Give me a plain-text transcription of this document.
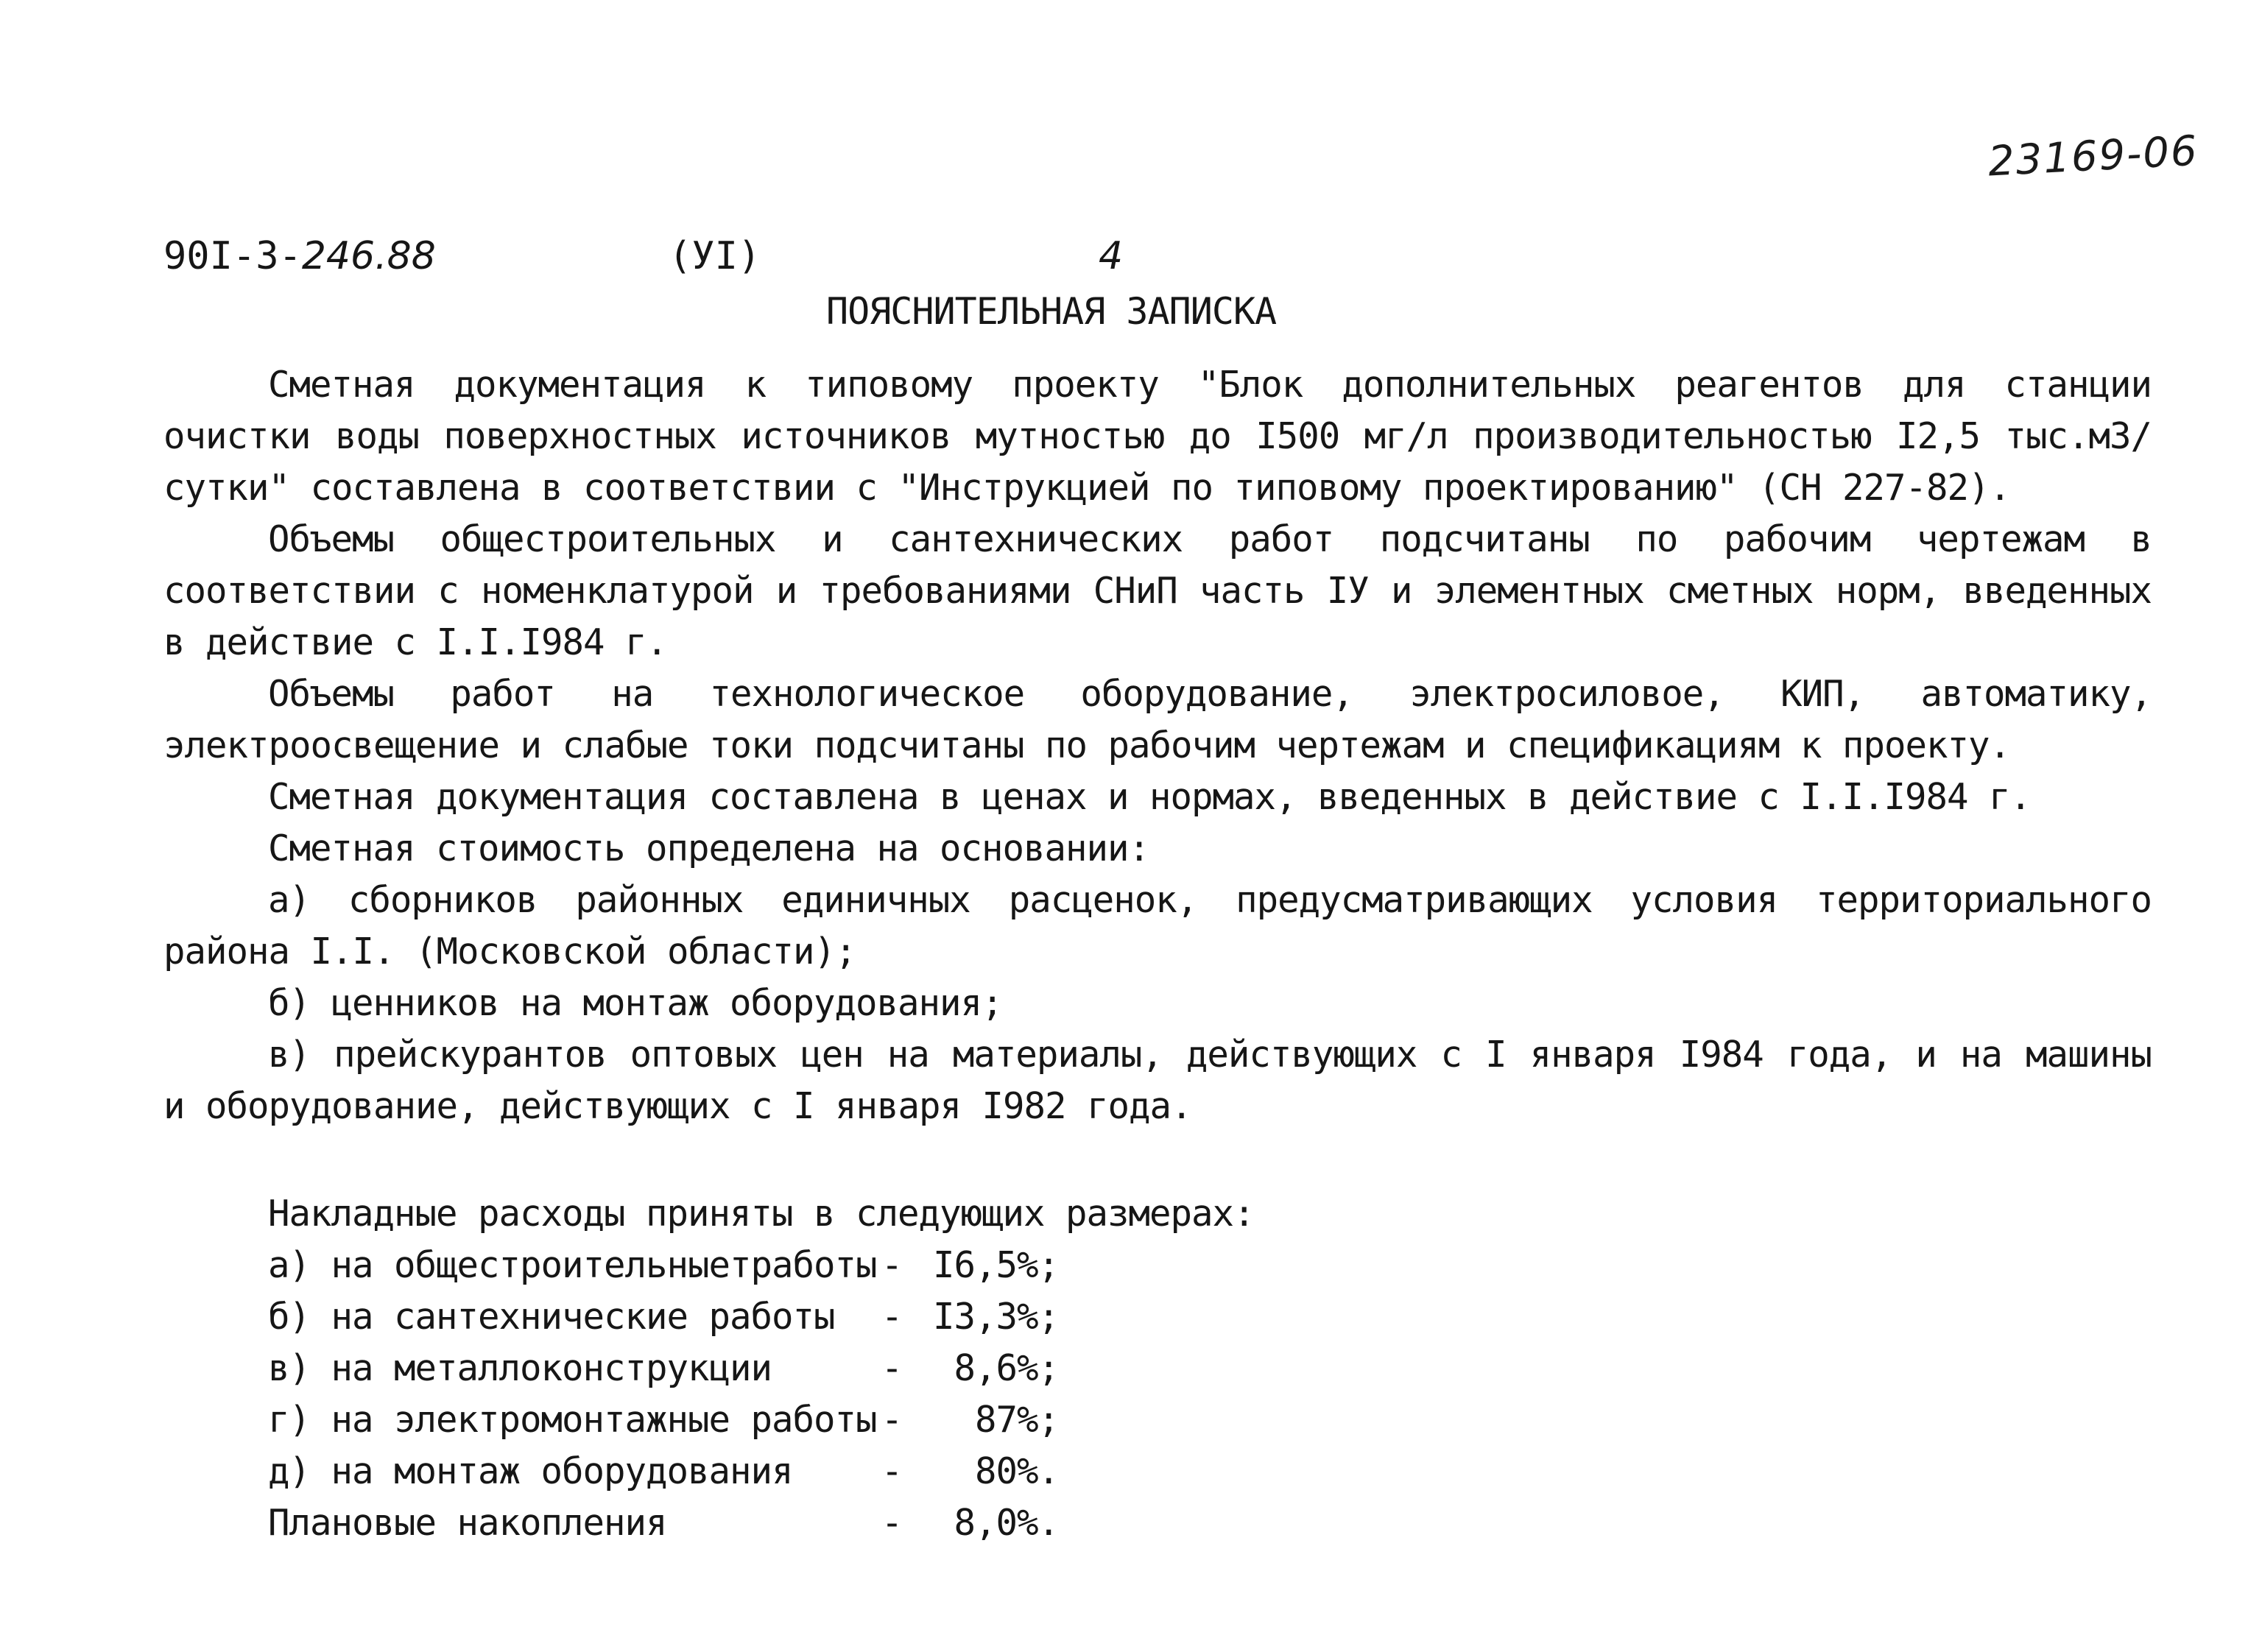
23169-06
90I-3-246.88	(УI)	4
ПОЯСНИТЕЛЬНАЯ ЗАПИСКА

Сметная документация к типовому проекту "Блок дополнительных реагентов для станции очистки воды поверхностных источников мутностью до I500 мг/л производительностью I2,5 тыс.м3/сутки" составлена в соответствии с "Инструкцией по типовому проектированию" (СН 227-82).

Объемы общестроительных и сантехнических работ подсчитаны по рабочим чертежам в соответствии с номенклатурой и требованиями СНиП часть IУ и элементных сметных норм, введенных в действие с I.I.I984 г.

Объемы работ на технологическое оборудование, электросиловое, КИП, автоматику, электроосвещение и слабые токи подсчитаны по рабочим чертежам и спецификациям к проекту.

Сметная документация составлена в ценах и нормах, введенных в действие с I.I.I984 г.

Сметная стоимость определена на основании:

а) сборников районных единичных расценок, предусматривающих условия территориального района I.I. (Московской области);

б) ценников на монтаж оборудования;

в) прейскурантов оптовых цен на материалы, действующих с I января I984 года, и на машины и оборудование, действующих с I января I982 года.

Накладные расходы приняты в следующих размерах:
а) на общестроительныетработы - I6,5%;
б) на сантехнические работы	- I3,3%;
в) на металлоконструкции	-	8,6%;
г) на электромонтажные работы -	87%;
д) на монтаж оборудования	-	80%.
Плановые накопления	-	8,0%.
